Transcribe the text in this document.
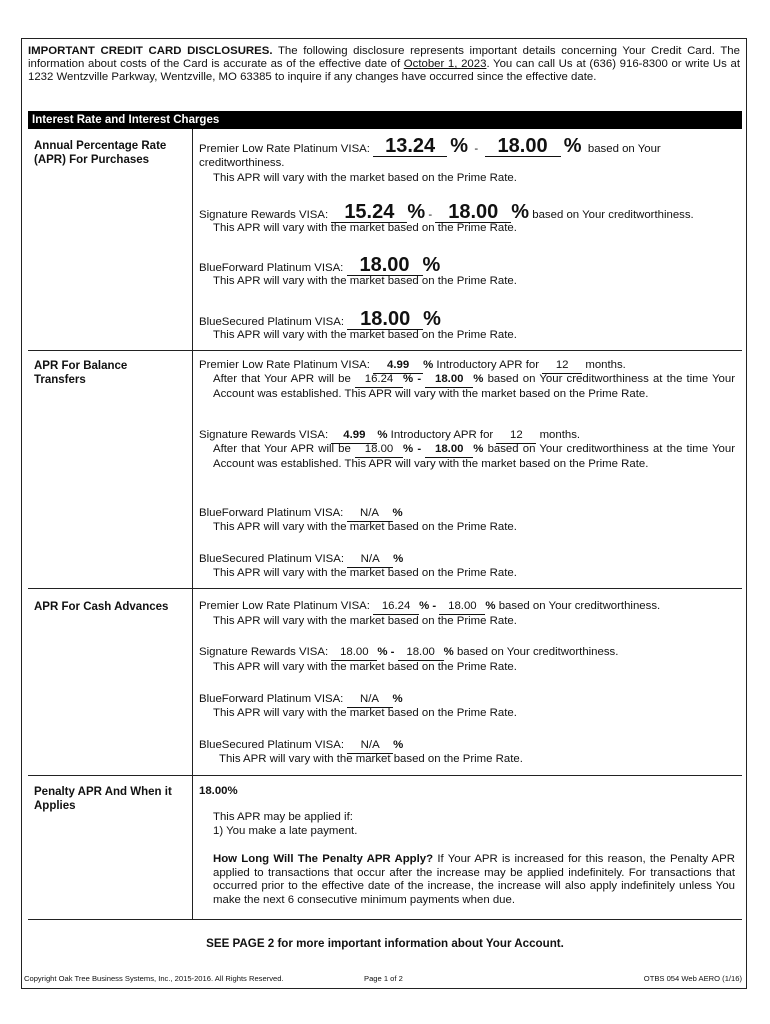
IMPORTANT CREDIT CARD DISCLOSURES. The following disclosure represents important details concerning Your Credit Card. The information about costs of the Card is accurate as of the effective date of October 1, 2023. You can call Us at (636) 916-8300 or write Us at 1232 Wentzville Parkway, Wentzville, MO 63385 to inquire if any changes have occurred since the effective date.
Interest Rate and Interest Charges
Annual Percentage Rate (APR) For Purchases
Premier Low Rate Platinum VISA: 13.24 % - 18.00 % based on Your
creditworthiness.
This APR will vary with the market based on the Prime Rate.
Signature Rewards VISA: 15.24 % - 18.00 % based on Your creditworthiness.
This APR will vary with the market based on the Prime Rate.
BlueForward Platinum VISA: 18.00 %
This APR will vary with the market based on the Prime Rate.
BlueSecured Platinum VISA: 18.00 %
This APR will vary with the market based on the Prime Rate.
APR For Balance Transfers
Premier Low Rate Platinum VISA: 4.99 % Introductory APR for 12 months.
After that Your APR will be 16.24 % - 18.00 % based on Your creditworthiness at the time Your Account was established. This APR will vary with the market based on the Prime Rate.
Signature Rewards VISA: 4.99 % Introductory APR for 12 months.
After that Your APR will be 18.00 % - 18.00 % based on Your creditworthiness at the time Your Account was established. This APR will vary with the market based on the Prime Rate.
BlueForward Platinum VISA: N/A %
This APR will vary with the market based on the Prime Rate.
BlueSecured Platinum VISA: N/A %
This APR will vary with the market based on the Prime Rate.
APR For Cash Advances	Premier Low Rate Platinum VISA: 16.24 % - 18.00 % based on Your creditworthiness.
This APR will vary with the market based on the Prime Rate.
Signature Rewards VISA: 18.00 % - 18.00 % based on Your creditworthiness.
This APR will vary with the market based on the Prime Rate.
BlueForward Platinum VISA: N/A %
This APR will vary with the market based on the Prime Rate.
BlueSecured Platinum VISA: N/A %
This APR will vary with the market based on the Prime Rate.
Penalty APR And When it Applies
18.00%
This APR may be applied if:
1) You make a late payment.
How Long Will The Penalty APR Apply? If Your APR is increased for this reason, the Penalty APR applied to transactions that occur after the increase may be applied indefinitely. For transactions that occurred prior to the effective date of the increase, the increase will also apply indefinitely unless You make the next 6 consecutive minimum payments when due.
SEE PAGE 2 for more important information about Your Account.
Copyright Oak Tree Business Systems, Inc., 2015-2016. All Rights Reserved.	Page 1 of 2	OTBS 054 Web AERO (1/16)
